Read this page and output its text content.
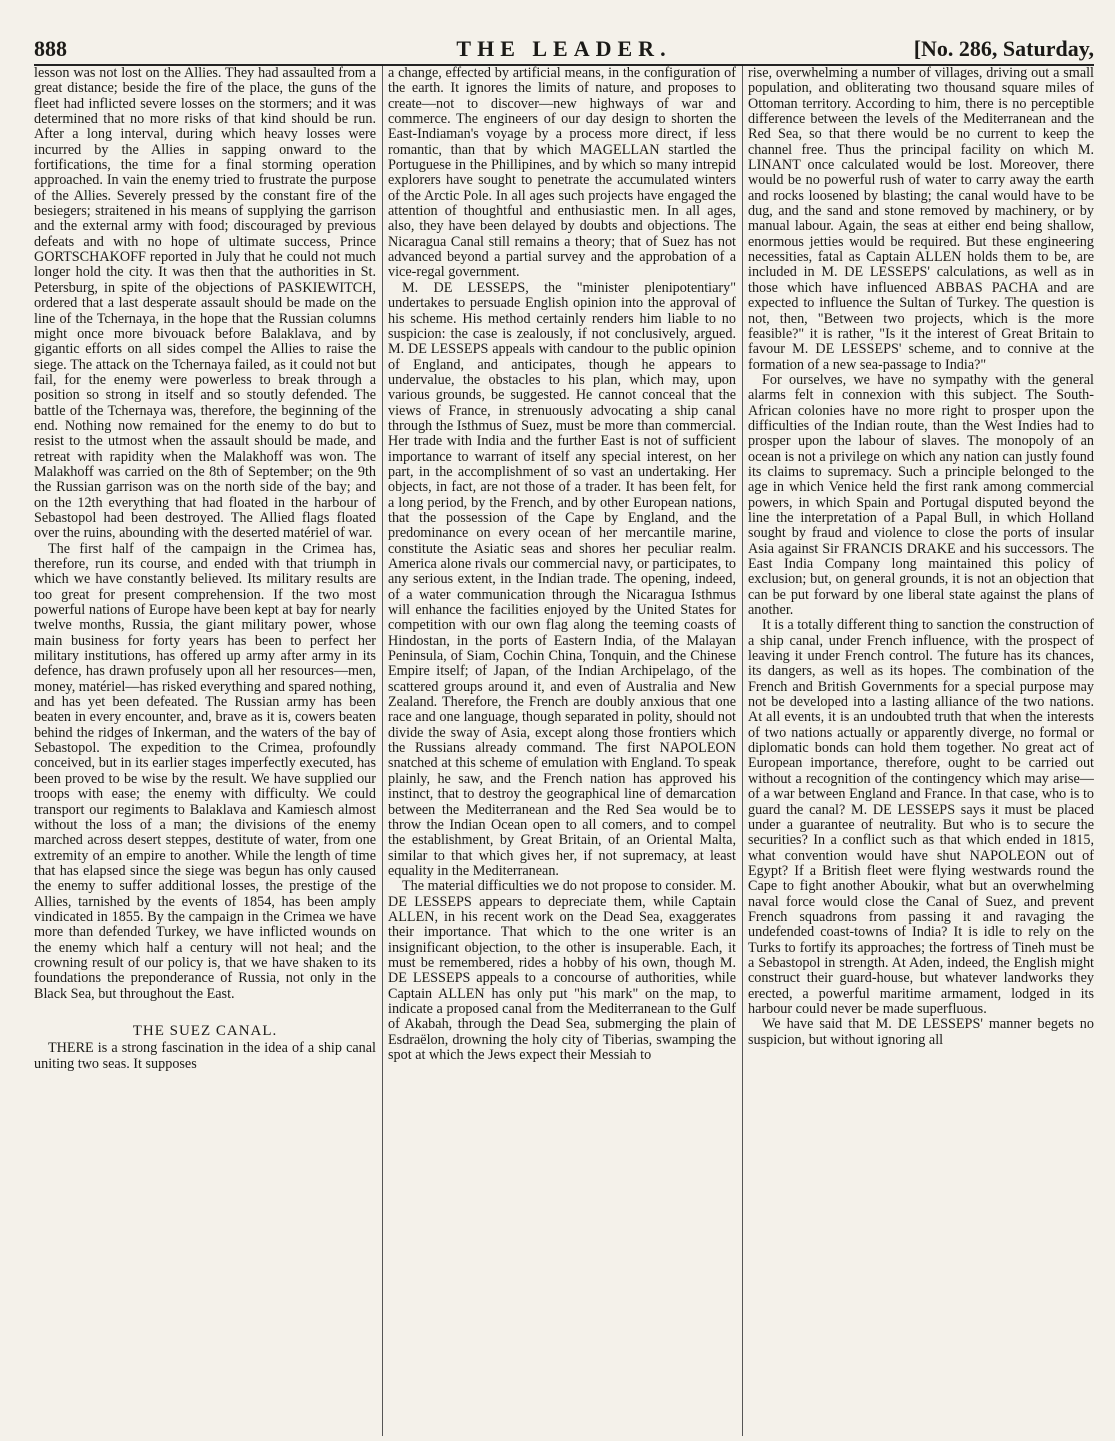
888	THE LEADER.	[No. 286, Saturday,

lesson was not lost on the Allies. They had assaulted from a great distance; beside the fire of the place, the guns of the fleet had inflicted severe losses on the stormers; and it was determined that no more risks of that kind should be run. After a long interval, during which heavy losses were incurred by the Allies in sapping onward to the fortifications, the time for a final storming operation approached. In vain the enemy tried to frustrate the purpose of the Allies. Severely pressed by the constant fire of the besiegers; straitened in his means of supplying the garrison and the external army with food; discouraged by previous defeats and with no hope of ultimate success, Prince GORTSCHAKOFF reported in July that he could not much longer hold the city. It was then that the authorities in St. Petersburg, in spite of the objections of PASKIEWITCH, ordered that a last desperate assault should be made on the line of the Tchernaya, in the hope that the Russian columns might once more bivouack before Balaklava, and by gigantic efforts on all sides compel the Allies to raise the siege. The attack on the Tchernaya failed, as it could not but fail, for the enemy were powerless to break through a position so strong in itself and so stoutly defended. The battle of the Tchernaya was, therefore, the beginning of the end. Nothing now remained for the enemy to do but to resist to the utmost when the assault should be made, and retreat with rapidity when the Malakhoff was won. The Malakhoff was carried on the 8th of September; on the 9th the Russian garrison was on the north side of the bay; and on the 12th everything that had floated in the harbour of Sebastopol had been destroyed. The Allied flags floated over the ruins, abounding with the deserted matériel of war.

The first half of the campaign in the Crimea has, therefore, run its course, and ended with that triumph in which we have constantly believed. Its military results are too great for present comprehension. If the two most powerful nations of Europe have been kept at bay for nearly twelve months, Russia, the giant military power, whose main business for forty years has been to perfect her military institutions, has offered up army after army in its defence, has drawn profusely upon all her resources—men, money, matériel—has risked everything and spared nothing, and has yet been defeated. The Russian army has been beaten in every encounter, and, brave as it is, cowers beaten behind the ridges of Inkerman, and the waters of the bay of Sebastopol. The expedition to the Crimea, profoundly conceived, but in its earlier stages imperfectly executed, has been proved to be wise by the result. We have supplied our troops with ease; the enemy with difficulty. We could transport our regiments to Balaklava and Kamiesch almost without the loss of a man; the divisions of the enemy marched across desert steppes, destitute of water, from one extremity of an empire to another. While the length of time that has elapsed since the siege was begun has only caused the enemy to suffer additional losses, the prestige of the Allies, tarnished by the events of 1854, has been amply vindicated in 1855. By the campaign in the Crimea we have more than defended Turkey, we have inflicted wounds on the enemy which half a century will not heal; and the crowning result of our policy is, that we have shaken to its foundations the preponderance of Russia, not only in the Black Sea, but throughout the East.

THE SUEZ CANAL.

THERE is a strong fascination in the idea of a ship canal uniting two seas. It supposes

a change, effected by artificial means, in the configuration of the earth. It ignores the limits of nature, and proposes to create—not to discover—new highways of war and commerce. The engineers of our day design to shorten the East-Indiaman's voyage by a process more direct, if less romantic, than that by which MAGELLAN startled the Portuguese in the Phillipines, and by which so many intrepid explorers have sought to penetrate the accumulated winters of the Arctic Pole. In all ages such projects have engaged the attention of thoughtful and enthusiastic men. In all ages, also, they have been delayed by doubts and objections. The Nicaragua Canal still remains a theory; that of Suez has not advanced beyond a partial survey and the approbation of a vice-regal government.

M. DE LESSEPS, the "minister plenipotentiary" undertakes to persuade English opinion into the approval of his scheme. His method certainly renders him liable to no suspicion: the case is zealously, if not conclusively, argued. M. DE LESSEPS appeals with candour to the public opinion of England, and anticipates, though he appears to undervalue, the obstacles to his plan, which may, upon various grounds, be suggested. He cannot conceal that the views of France, in strenuously advocating a ship canal through the Isthmus of Suez, must be more than commercial. Her trade with India and the further East is not of sufficient importance to warrant of itself any special interest, on her part, in the accomplishment of so vast an undertaking. Her objects, in fact, are not those of a trader. It has been felt, for a long period, by the French, and by other European nations, that the possession of the Cape by England, and the predominance on every ocean of her mercantile marine, constitute the Asiatic seas and shores her peculiar realm. America alone rivals our commercial navy, or participates, to any serious extent, in the Indian trade. The opening, indeed, of a water communication through the Nicaragua Isthmus will enhance the facilities enjoyed by the United States for competition with our own flag along the teeming coasts of Hindostan, in the ports of Eastern India, of the Malayan Peninsula, of Siam, Cochin China, Tonquin, and the Chinese Empire itself; of Japan, of the Indian Archipelago, of the scattered groups around it, and even of Australia and New Zealand. Therefore, the French are doubly anxious that one race and one language, though separated in polity, should not divide the sway of Asia, except along those frontiers which the Russians already command. The first NAPOLEON snatched at this scheme of emulation with England. To speak plainly, he saw, and the French nation has approved his instinct, that to destroy the geographical line of demarcation between the Mediterranean and the Red Sea would be to throw the Indian Ocean open to all comers, and to compel the establishment, by Great Britain, of an Oriental Malta, similar to that which gives her, if not supremacy, at least equality in the Mediterranean.

The material difficulties we do not propose to consider. M. DE LESSEPS appears to depreciate them, while Captain ALLEN, in his recent work on the Dead Sea, exaggerates their importance. That which to the one writer is an insignificant objection, to the other is insuperable. Each, it must be remembered, rides a hobby of his own, though M. DE LESSEPS appeals to a concourse of authorities, while Captain ALLEN has only put "his mark" on the map, to indicate a proposed canal from the Mediterranean to the Gulf of Akabah, through the Dead Sea, submerging the plain of Esdraëlon, drowning the holy city of Tiberias, swamping the spot at which the Jews expect their Messiah to

rise, overwhelming a number of villages, driving out a small population, and obliterating two thousand square miles of Ottoman territory. According to him, there is no perceptible difference between the levels of the Mediterranean and the Red Sea, so that there would be no current to keep the channel free. Thus the principal facility on which M. LINANT once calculated would be lost. Moreover, there would be no powerful rush of water to carry away the earth and rocks loosened by blasting; the canal would have to be dug, and the sand and stone removed by machinery, or by manual labour. Again, the seas at either end being shallow, enormous jetties would be required. But these engineering necessities, fatal as Captain ALLEN holds them to be, are included in M. DE LESSEPS' calculations, as well as in those which have influenced ABBAS PACHA and are expected to influence the Sultan of Turkey. The question is not, then, "Between two projects, which is the more feasible?" it is rather, "Is it the interest of Great Britain to favour M. DE LESSEPS' scheme, and to connive at the formation of a new sea-passage to India?"

For ourselves, we have no sympathy with the general alarms felt in connexion with this subject. The South-African colonies have no more right to prosper upon the difficulties of the Indian route, than the West Indies had to prosper upon the labour of slaves. The monopoly of an ocean is not a privilege on which any nation can justly found its claims to supremacy. Such a principle belonged to the age in which Venice held the first rank among commercial powers, in which Spain and Portugal disputed beyond the line the interpretation of a Papal Bull, in which Holland sought by fraud and violence to close the ports of insular Asia against Sir FRANCIS DRAKE and his successors. The East India Company long maintained this policy of exclusion; but, on general grounds, it is not an objection that can be put forward by one liberal state against the plans of another.

It is a totally different thing to sanction the construction of a ship canal, under French influence, with the prospect of leaving it under French control. The future has its chances, its dangers, as well as its hopes. The combination of the French and British Governments for a special purpose may not be developed into a lasting alliance of the two nations. At all events, it is an undoubted truth that when the interests of two nations actually or apparently diverge, no formal or diplomatic bonds can hold them together. No great act of European importance, therefore, ought to be carried out without a recognition of the contingency which may arise—of a war between England and France. In that case, who is to guard the canal? M. DE LESSEPS says it must be placed under a guarantee of neutrality. But who is to secure the securities? In a conflict such as that which ended in 1815, what convention would have shut NAPOLEON out of Egypt? If a British fleet were flying westwards round the Cape to fight another Aboukir, what but an overwhelming naval force would close the Canal of Suez, and prevent French squadrons from passing it and ravaging the undefended coast-towns of India? It is idle to rely on the Turks to fortify its approaches; the fortress of Tineh must be a Sebastopol in strength. At Aden, indeed, the English might construct their guard-house, but whatever landworks they erected, a powerful maritime armament, lodged in its harbour could never be made superfluous.

We have said that M. DE LESSEPS' manner begets no suspicion, but without ignoring all
